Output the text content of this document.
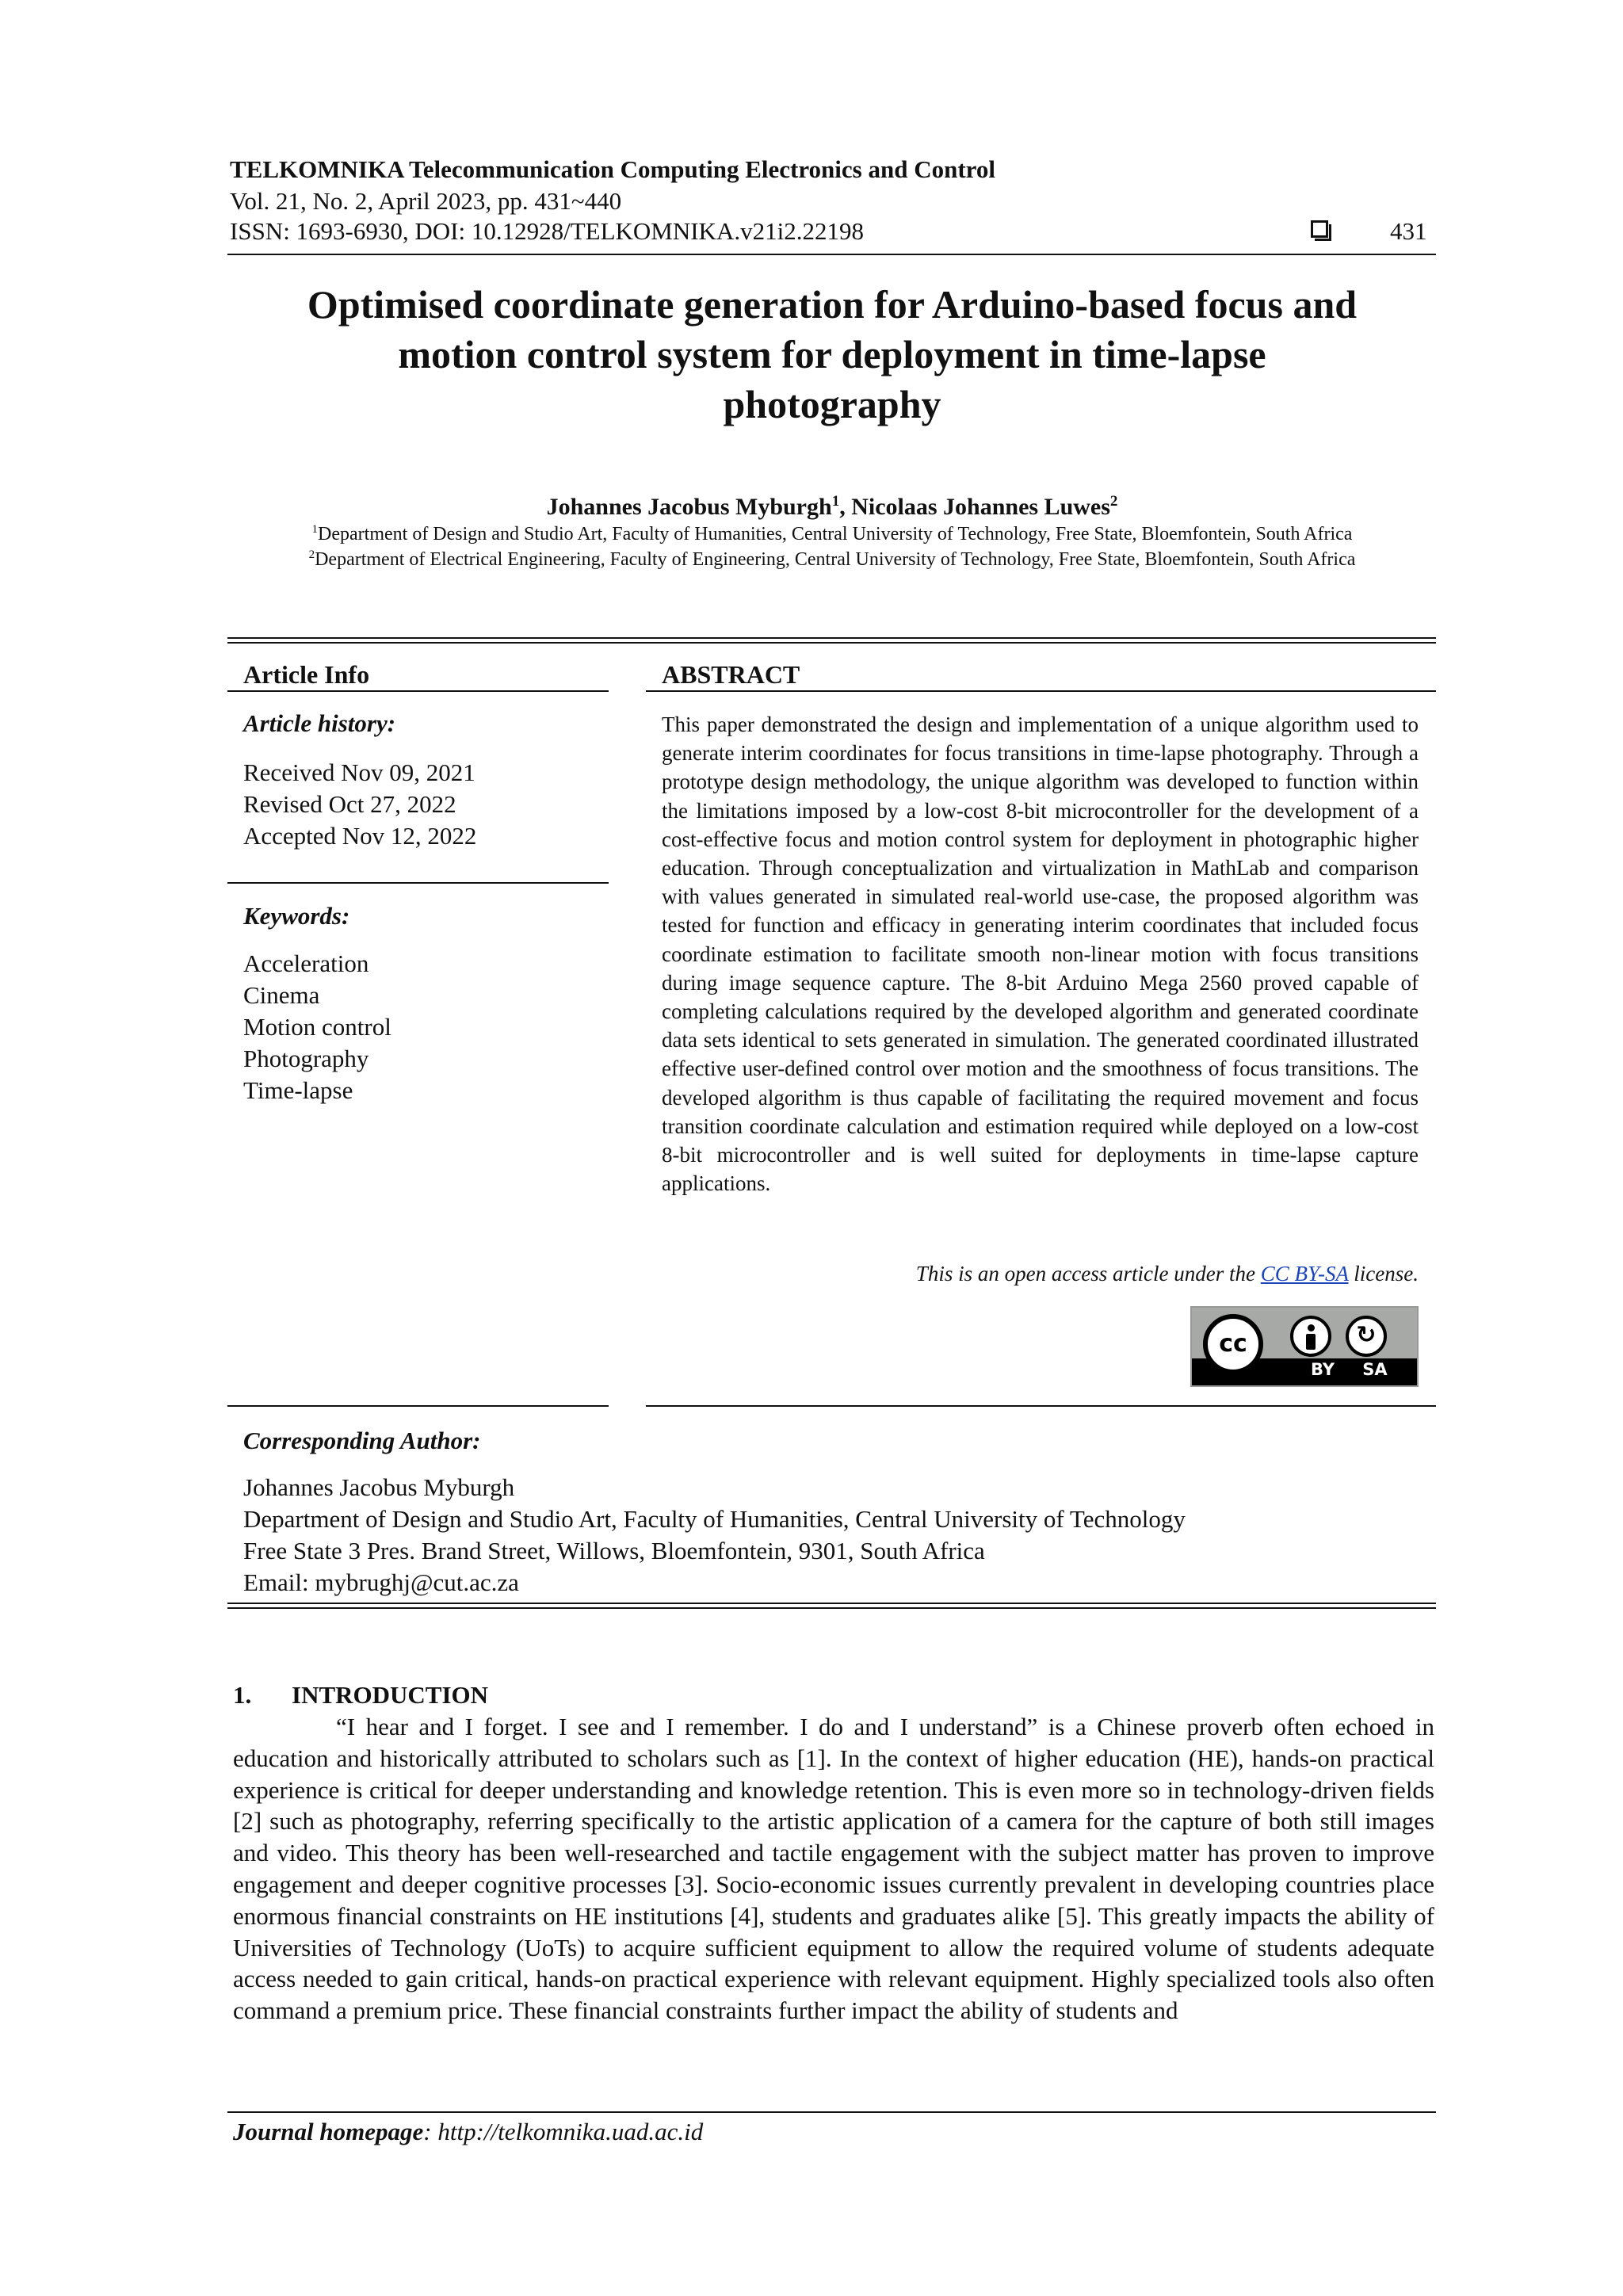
TELKOMNIKA Telecommunication Computing Electronics and Control
Vol. 21, No. 2, April 2023, pp. 431~440
ISSN: 1693-6930, DOI: 10.12928/TELKOMNIKA.v21i2.22198	431
Optimised coordinate generation for Arduino-based focus and
motion control system for deployment in time-lapse
photography
Johannes Jacobus Myburgh$^1$, Nicolaas Johannes Luwes$^2$
$^1$Department of Design and Studio Art, Faculty of Humanities, Central University of Technology, Free State, Bloemfontein, South Africa
$^2$Department of Electrical Engineering, Faculty of Engineering, Central University of Technology, Free State, Bloemfontein, South Africa
Article Info	ABSTRACT
Article history:
Received Nov 09, 2021
Revised Oct 27, 2022
Accepted Nov 12, 2022
Keywords:
Acceleration
Cinema
Motion control
Photography
Time-lapse
This paper demonstrated the design and implementation of a unique algorithm used to generate interim coordinates for focus transitions in time-lapse photography. Through a prototype design methodology, the unique algorithm was developed to function within the limitations imposed by a low-cost 8-bit microcontroller for the development of a cost-effective focus and motion control system for deployment in photographic higher education. Through conceptualization and virtualization in MathLab and comparison with values generated in simulated real-world use-case, the proposed algorithm was tested for function and efficacy in generating interim coordinates that included focus coordinate estimation to facilitate smooth non-linear motion with focus transitions during image sequence capture. The 8-bit Arduino Mega 2560 proved capable of completing calculations required by the developed algorithm and generated coordinate data sets identical to sets generated in simulation. The generated coordinated illustrated effective user-defined control over motion and the smoothness of focus transitions. The developed algorithm is thus capable of facilitating the required movement and focus transition coordinate calculation and estimation required while deployed on a low-cost 8-bit microcontroller and is well suited for deployments in time-lapse capture applications.
This is an open access article under the CC BY-SA license.
cc	↻
BY SA
Corresponding Author:
Johannes Jacobus Myburgh
Department of Design and Studio Art, Faculty of Humanities, Central University of Technology
Free State 3 Pres. Brand Street, Willows, Bloemfontein, 9301, South Africa
Email: mybrughj@cut.ac.za
1. INTRODUCTION
“I hear and I forget. I see and I remember. I do and I understand” is a Chinese proverb often echoed in education and historically attributed to scholars such as [1]. In the context of higher education (HE), hands-on practical experience is critical for deeper understanding and knowledge retention. This is even more so in technology-driven fields [2] such as photography, referring specifically to the artistic application of a camera for the capture of both still images and video. This theory has been well-researched and tactile engagement with the subject matter has proven to improve engagement and deeper cognitive processes [3]. Socio-economic issues currently prevalent in developing countries place enormous financial constraints on HE institutions [4], students and graduates alike [5]. This greatly impacts the ability of Universities of Technology (UoTs) to acquire sufficient equipment to allow the required volume of students adequate access needed to gain critical, hands-on practical experience with relevant equipment. Highly specialized tools also often command a premium price. These financial constraints further impact the ability of students and
Journal homepage: http://telkomnika.uad.ac.id
